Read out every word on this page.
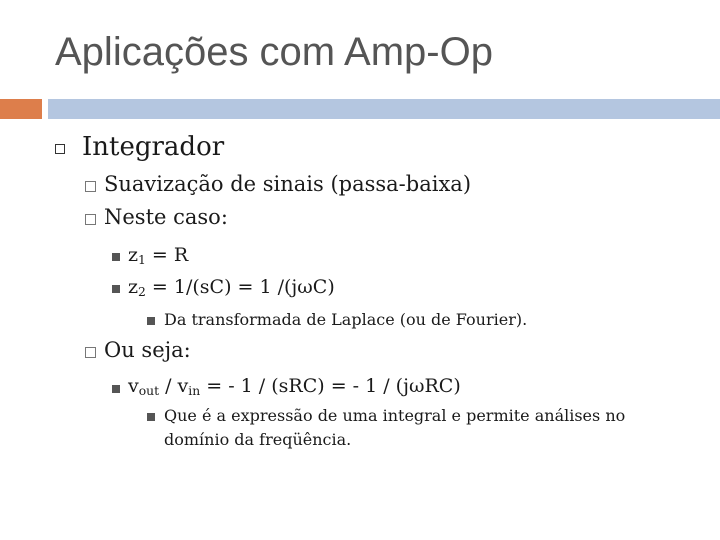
Aplicações com Amp-Op
Integrador
Suavização de sinais (passa-baixa)
Neste caso:
$z_1 = R$
$z_2 = 1/(sC) = 1$ /(jωC)
Da transformada de Laplace (ou de Fourier).
Ou seja:
$v_{out} / v_{in}$ = - 1 / (sRC) = - 1 / (jωRC)
Que é a expressão de uma integral e permite análises no
domínio da freqüência.
